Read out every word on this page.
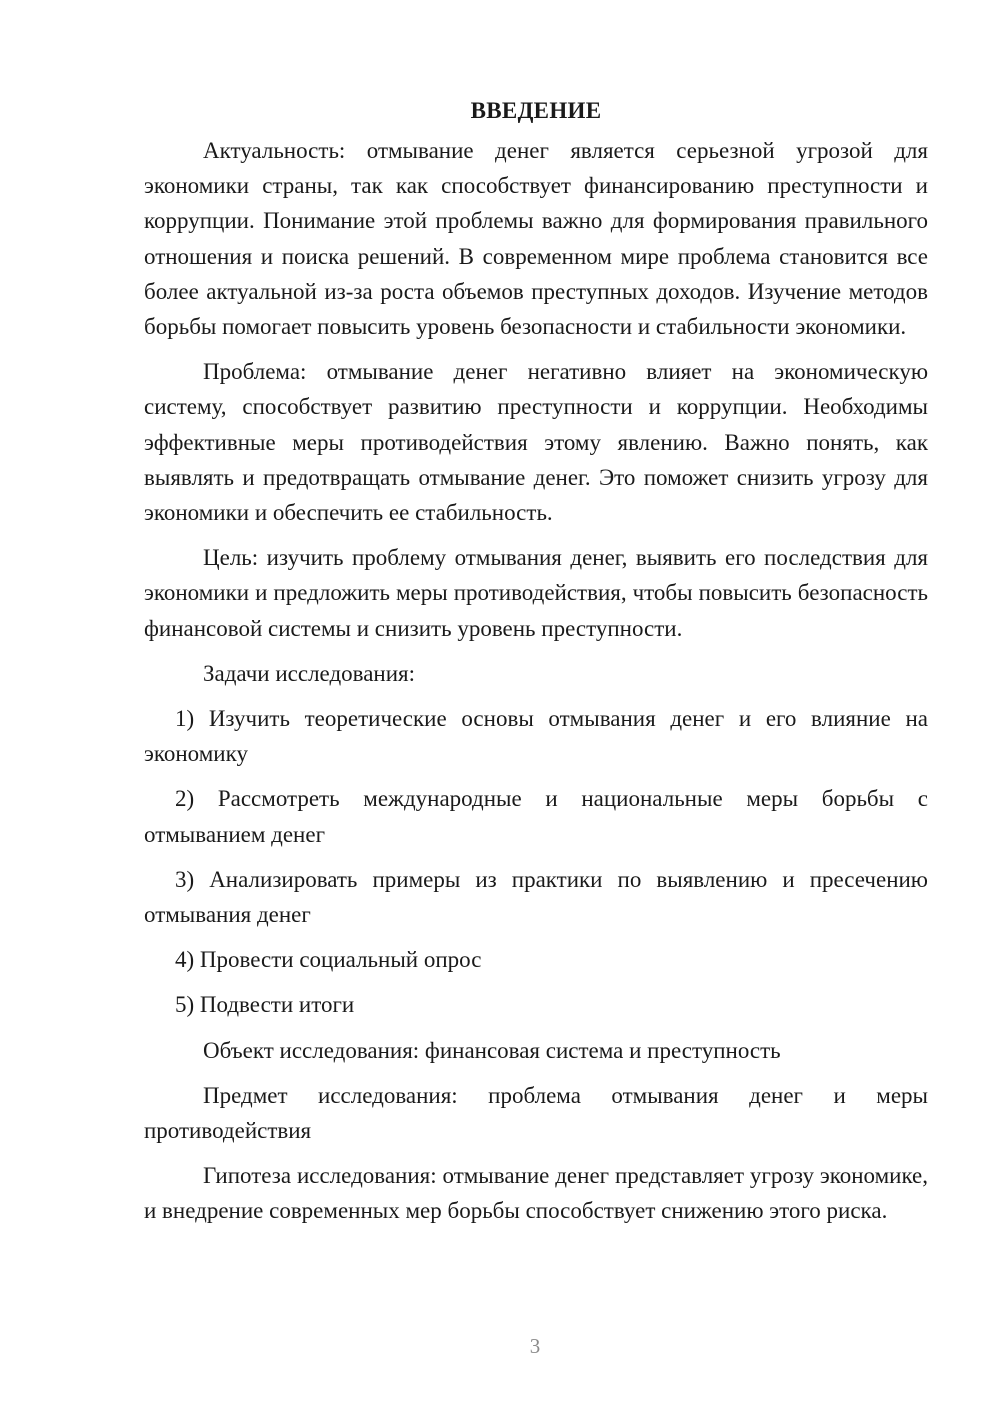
ВВЕДЕНИЕ

Актуальность: отмывание денег является серьезной угрозой для экономики страны, так как способствует финансированию преступности и коррупции. Понимание этой проблемы важно для формирования правильного отношения и поиска решений. В современном мире проблема становится все более актуальной из-за роста объемов преступных доходов. Изучение методов борьбы помогает повысить уровень безопасности и стабильности экономики.

Проблема: отмывание денег негативно влияет на экономическую систему, способствует развитию преступности и коррупции. Необходимы эффективные меры противодействия этому явлению. Важно понять, как выявлять и предотвращать отмывание денег. Это поможет снизить угрозу для экономики и обеспечить ее стабильность.

Цель: изучить проблему отмывания денег, выявить его последствия для экономики и предложить меры противодействия, чтобы повысить безопасность финансовой системы и снизить уровень преступности.

Задачи исследования:

1) Изучить теоретические основы отмывания денег и его влияние на экономику

2) Рассмотреть международные и национальные меры борьбы с отмыванием денег

3) Анализировать примеры из практики по выявлению и пресечению отмывания денег

4) Провести социальный опрос

5) Подвести итоги

Объект исследования: финансовая система и преступность

Предмет исследования: проблема отмывания денег и меры противодействия

Гипотеза исследования: отмывание денег представляет угрозу экономике, и внедрение современных мер борьбы способствует снижению этого риска.

3
